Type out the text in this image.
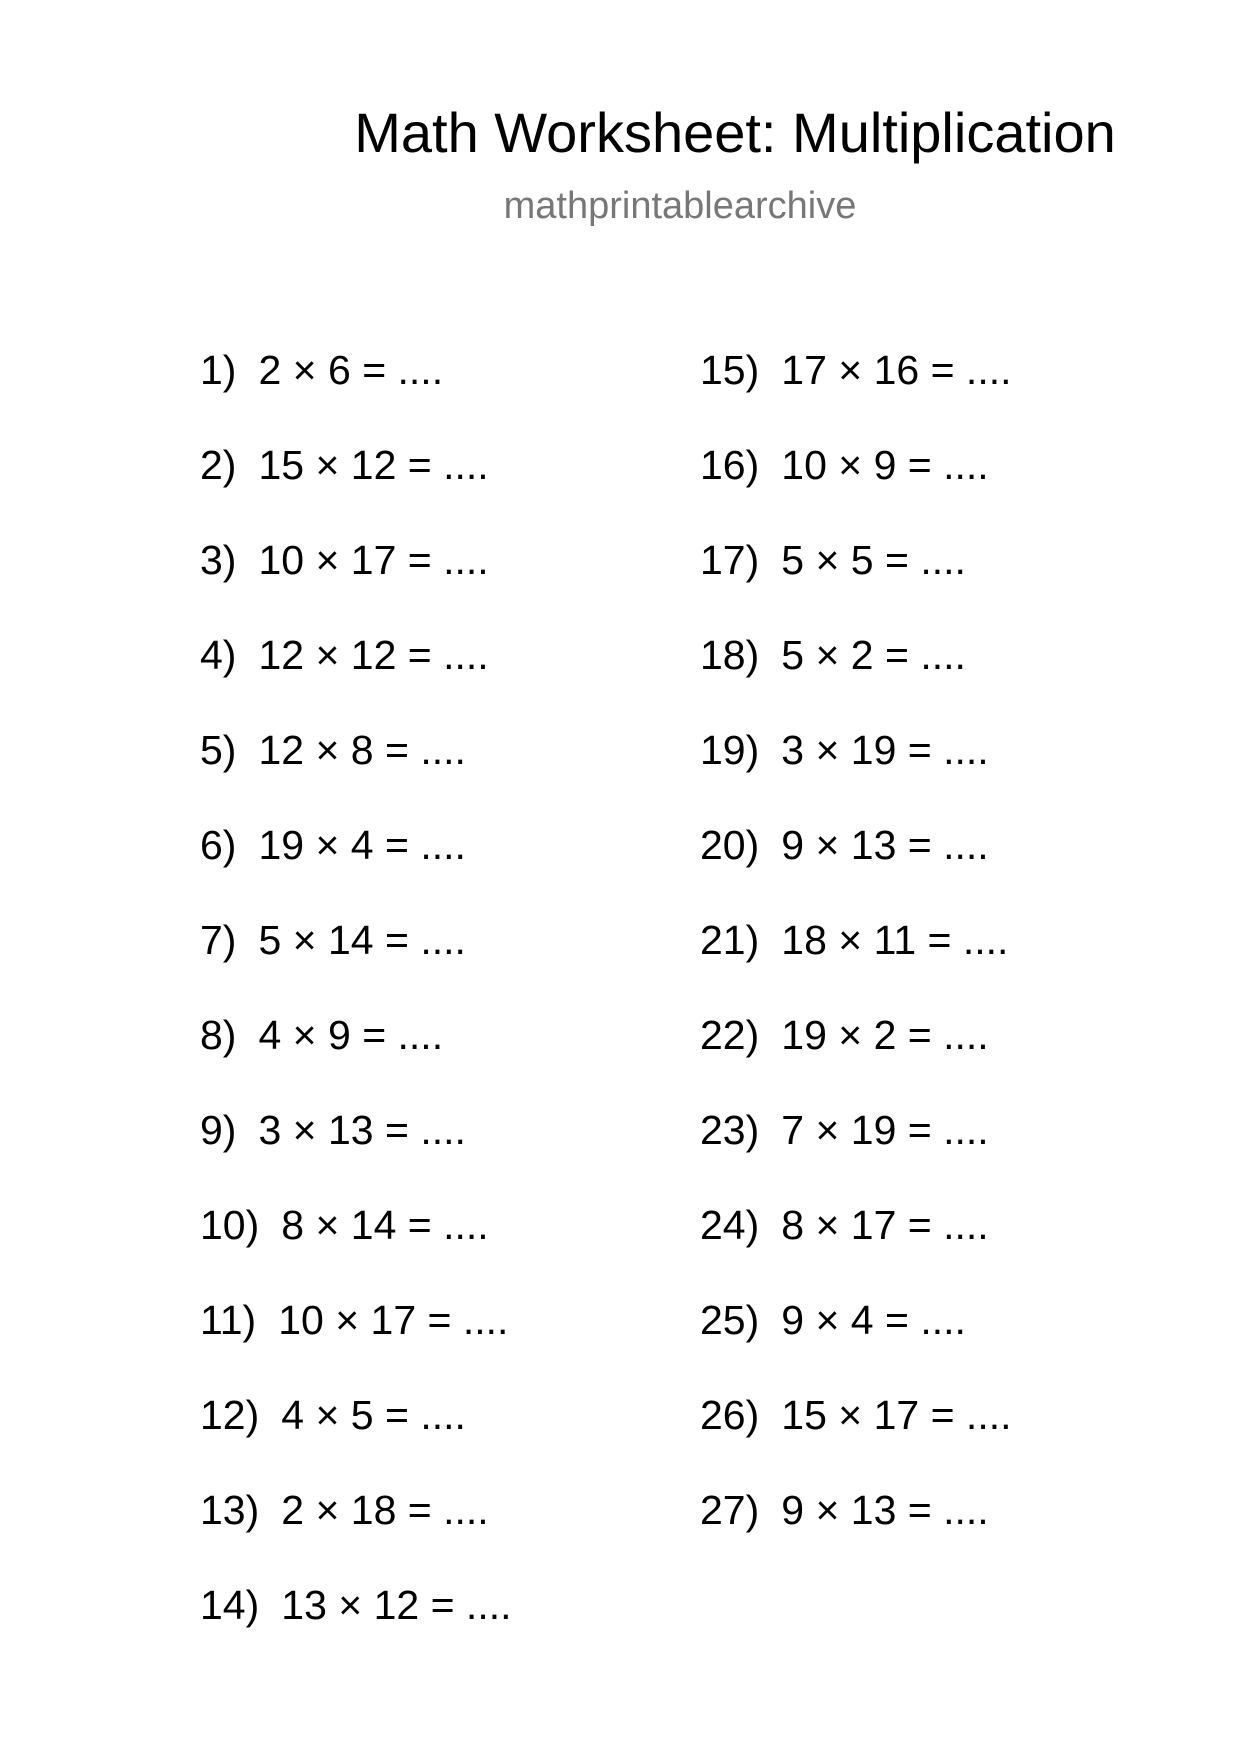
Math Worksheet: Multiplication
mathprintablearchive
1) 2 × 6 = ....
2) 15 × 12 = ....
3) 10 × 17 = ....
4) 12 × 12 = ....
5) 12 × 8 = ....
6) 19 × 4 = ....
7) 5 × 14 = ....
8) 4 × 9 = ....
9) 3 × 13 = ....
10) 8 × 14 = ....
11) 10 × 17 = ....
12) 4 × 5 = ....
13) 2 × 18 = ....
14) 13 × 12 = ....
15) 17 × 16 = ....
16) 10 × 9 = ....
17) 5 × 5 = ....
18) 5 × 2 = ....
19) 3 × 19 = ....
20) 9 × 13 = ....
21) 18 × 11 = ....
22) 19 × 2 = ....
23) 7 × 19 = ....
24) 8 × 17 = ....
25) 9 × 4 = ....
26) 15 × 17 = ....
27) 9 × 13 = ....
